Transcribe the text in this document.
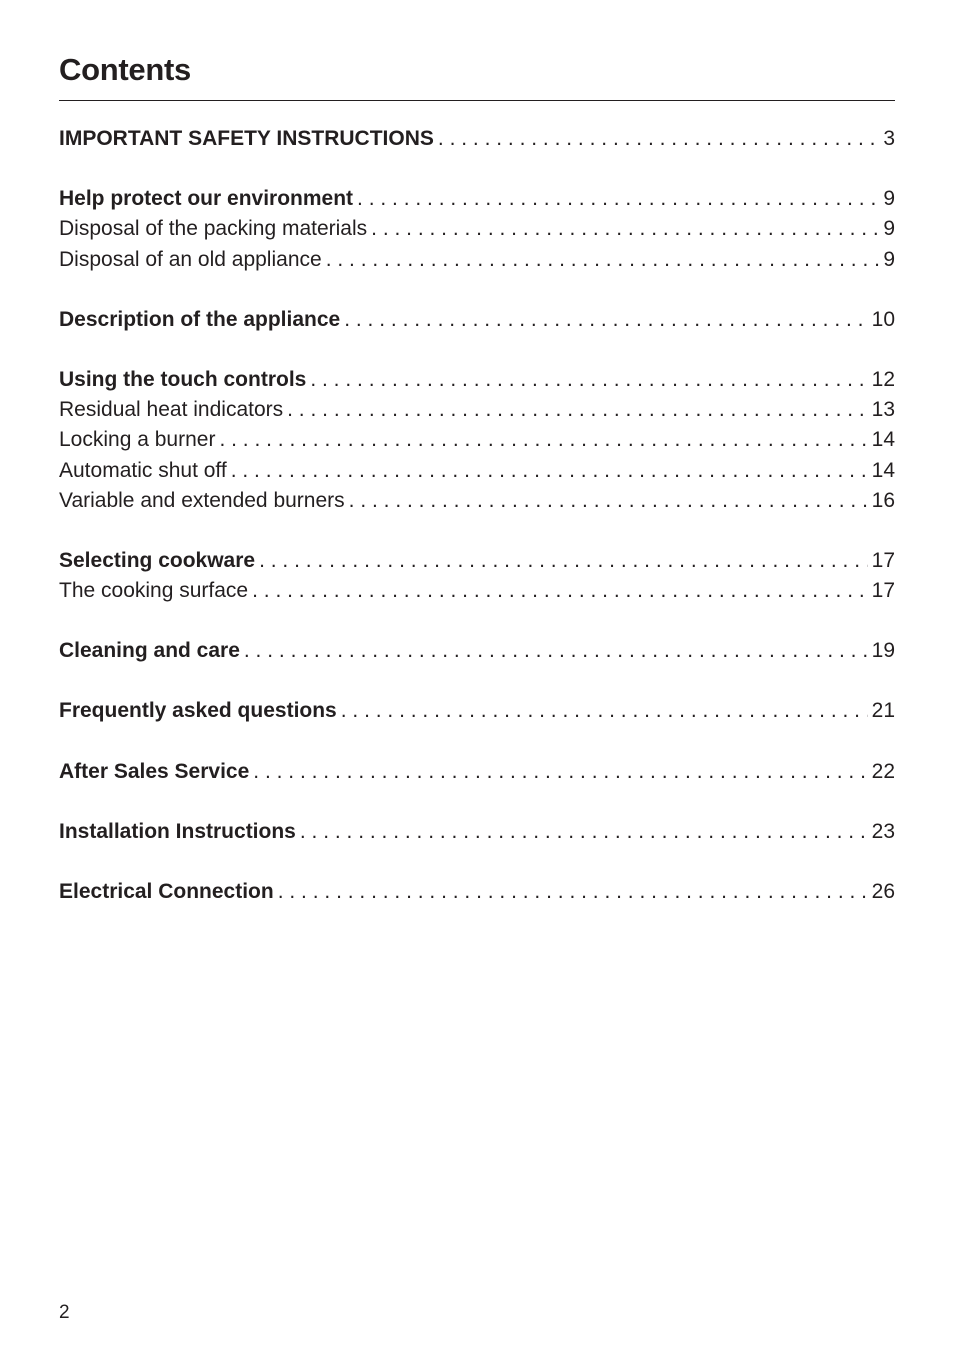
Contents
IMPORTANT SAFETY INSTRUCTIONS . . .	3
Help protect our environment . . .	9
Disposal of the packing materials . . .	9
Disposal of an old appliance . . .	9
Description of the appliance . . .	10
Using the touch controls . . .	12
Residual heat indicators . . .	13
Locking a burner . . .	14
Automatic shut off . . .	14
Variable and extended burners . . .	16
Selecting cookware . . .	17
The cooking surface . . .	17
Cleaning and care . . .	19
Frequently asked questions . . .	21
After Sales Service . . .	22
Installation Instructions . . .	23
Electrical Connection . . .	26
2
